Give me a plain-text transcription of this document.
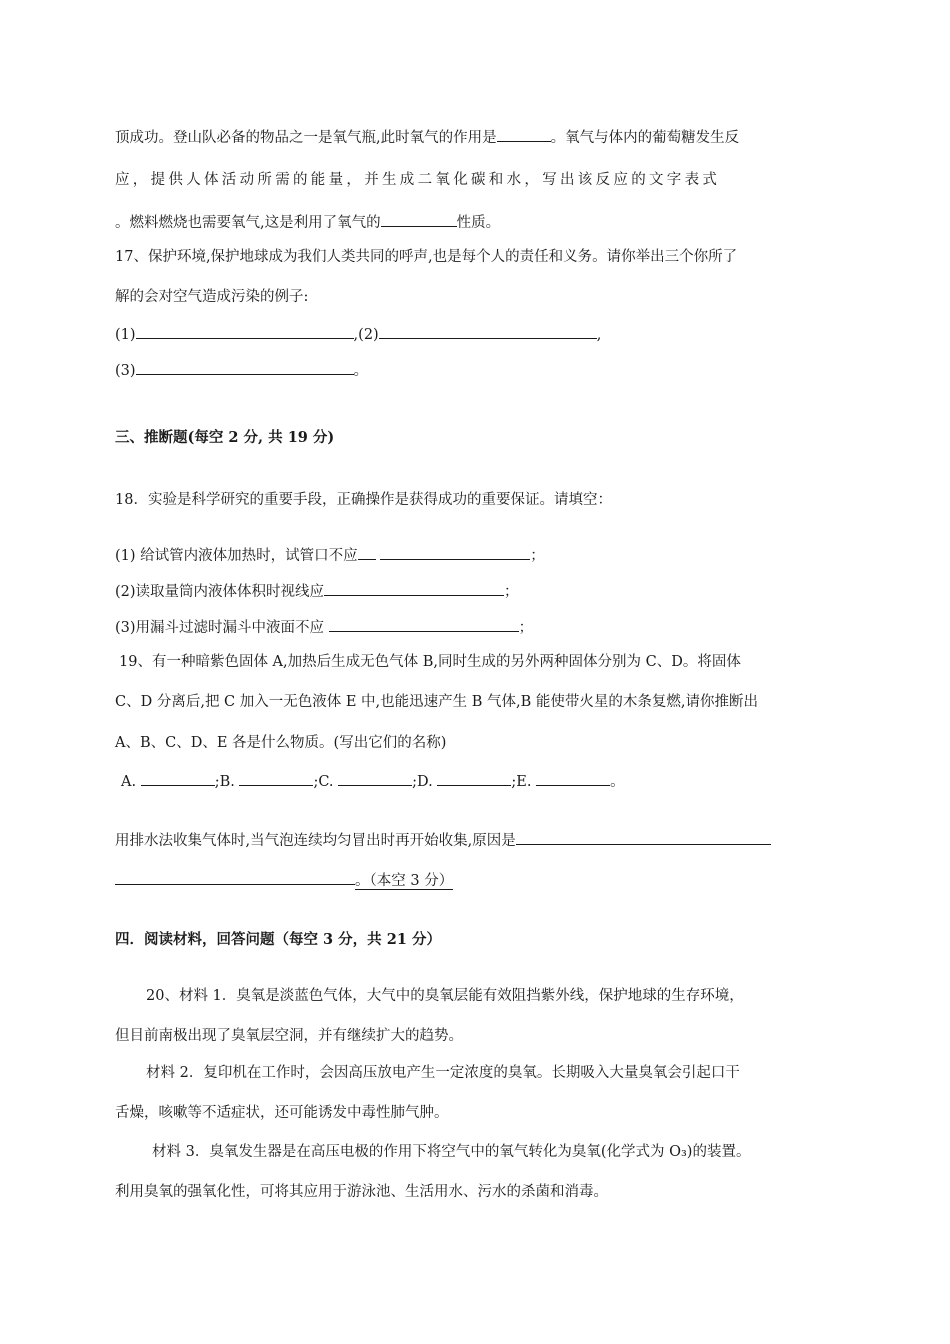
顶成功。登山队必备的物品之一是氧气瓶,此时氧气的作用是	。氧气与体内的葡萄糖发生反
应，提供人体活动所需的能量，并生成二氧化碳和水，写出该反应的文字表式
。燃料燃烧也需要氧气,这是利用了氧气的	性质。
17、保护环境,保护地球成为我们人类共同的呼声,也是每个人的责任和义务。请你举出三个你所了
解的会对空气造成污染的例子:
(1)	,(2)	,
(3)	。
三、推断题(每空 2 分, 共 19 分)
18．实验是科学研究的重要手段，正确操作是获得成功的重要保证。请填空：
(1) 给试管内液体加热时，试管口不应	；
(2)读取量筒内液体体积时视线应	；
(3)用漏斗过滤时漏斗中液面不应	；
19、有一种暗紫色固体 A,加热后生成无色气体 B,同时生成的另外两种固体分别为 C、D。将固体
C、D 分离后,把 C 加入一无色液体 E 中,也能迅速产生 B 气体,B 能使带火星的木条复燃,请你推断出
A、B、C、D、E 各是什么物质。(写出它们的名称)
A.	;B.	;C.	;D.	;E.	。
用排水法收集气体时,当气泡连续均匀冒出时再开始收集,原因是
。（本空 3 分）
四．阅读材料，回答问题（每空 3 分，共 21 分）
20、材料 1．臭氧是淡蓝色气体，大气中的臭氧层能有效阻挡紫外线，保护地球的生存环境，
但目前南极出现了臭氧层空洞，并有继续扩大的趋势。
材料 2．复印机在工作时，会因高压放电产生一定浓度的臭氧。长期吸入大量臭氧会引起口干
舌燥，咳嗽等不适症状，还可能诱发中毒性肺气肿。
材料 3．臭氧发生器是在高压电极的作用下将空气中的氧气转化为臭氧(化学式为 O₃)的装置。
利用臭氧的强氧化性，可将其应用于游泳池、生活用水、污水的杀菌和消毒。
